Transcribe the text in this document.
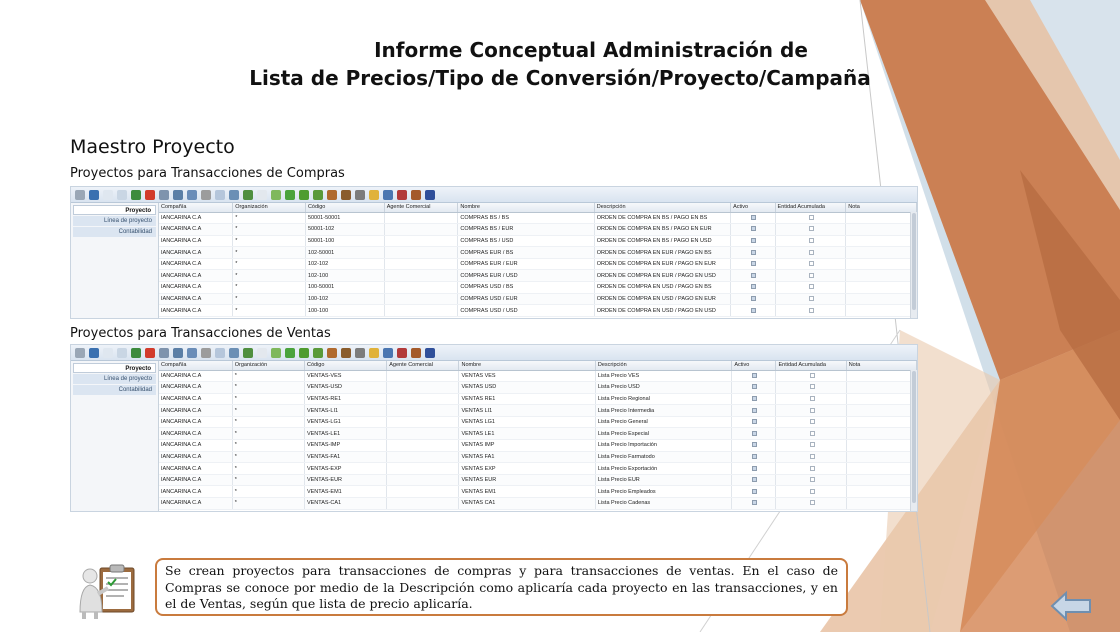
Informe Conceptual Administración de
Lista de Precios/Tipo de Conversión/Proyecto/Campaña
Maestro Proyecto
Proyectos para Transacciones de Compras
Proyectos para Transacciones de Ventas
Proyecto
Línea de proyecto
Contabilidad
Compañía	Organización	Código	Agente Comercial	Nombre	Descripción	Activo	Entidad Acumulada	Nota
IANCARINA C.A	*	50001-50001		COMPRAS BS / BS	ORDEN DE COMPRA EN BS / PAGO EN BS			
IANCARINA C.A	*	50001-102		COMPRAS BS / EUR	ORDEN DE COMPRA EN BS / PAGO EN EUR			
IANCARINA C.A	*	50001-100		COMPRAS BS / USD	ORDEN DE COMPRA EN BS / PAGO EN USD			
IANCARINA C.A	*	102-50001		COMPRAS EUR / BS	ORDEN DE COMPRA EN EUR / PAGO EN BS			
IANCARINA C.A	*	102-102		COMPRAS EUR / EUR	ORDEN DE COMPRA EN EUR / PAGO EN EUR			
IANCARINA C.A	*	102-100		COMPRAS EUR / USD	ORDEN DE COMPRA EN EUR / PAGO EN USD			
IANCARINA C.A	*	100-50001		COMPRAS USD / BS	ORDEN DE COMPRA EN USD / PAGO EN BS			
IANCARINA C.A	*	100-102		COMPRAS USD / EUR	ORDEN DE COMPRA EN USD / PAGO EN EUR			
IANCARINA C.A	*	100-100		COMPRAS USD / USD	ORDEN DE COMPRA EN USD / PAGO EN USD			
Proyecto
Línea de proyecto
Contabilidad
Compañía	Organización	Código	Agente Comercial	Nombre	Descripción	Activo	Entidad Acumulada	Nota
IANCARINA C.A	*	VENTAS-VES		VENTAS VES	Lista Precio VES			
IANCARINA C.A	*	VENTAS-USD		VENTAS USD	Lista Precio USD			
IANCARINA C.A	*	VENTAS-RE1		VENTAS RE1	Lista Precio Regional			
IANCARINA C.A	*	VENTAS-LI1		VENTAS LI1	Lista Precio Intermedia			
IANCARINA C.A	*	VENTAS-LG1		VENTAS LG1	Lista Precio General			
IANCARINA C.A	*	VENTAS-LE1		VENTAS LE1	Lista Precio Especial			
IANCARINA C.A	*	VENTAS-IMP		VENTAS IMP	Lista Precio Importación			
IANCARINA C.A	*	VENTAS-FA1		VENTAS FA1	Lista Precio Farmatodo			
IANCARINA C.A	*	VENTAS-EXP		VENTAS EXP	Lista Precio Exportación			
IANCARINA C.A	*	VENTAS-EUR		VENTAS EUR	Lista Precio EUR			
IANCARINA C.A	*	VENTAS-EM1		VENTAS EM1	Lista Precio Empleados			
IANCARINA C.A	*	VENTAS-CA1		VENTAS CA1	Lista Precio Cadenas			

Se crean proyectos para transacciones de compras y para transacciones de ventas. En el caso de Compras se conoce por medio de la Descripción como aplicaría cada proyecto en las transacciones, y en el de Ventas, según que lista de precio aplicaría.
